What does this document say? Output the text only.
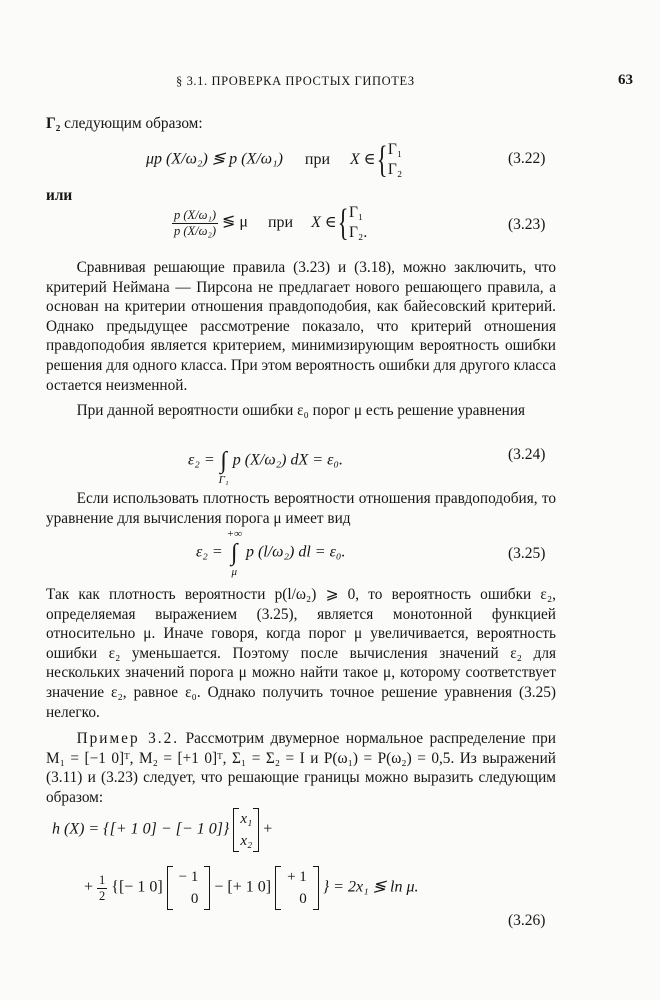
§ 3.1. ПРОВЕРКА ПРОСТЫХ ГИПОТЕЗ	63
Γ₂ следующим образом:
μp (X/ω₂) ≶ p (X/ω₁) при X ∈{ Γ₁
Γ₂
(3.22)
или
$\frac{\text{p (X/ω₁)}}{\text{p (X/ω₂)}}$ ≶ μ при X ∈{ Γ₁
Γ₂.	(3.23)

Сравнивая решающие правила (3.23) и (3.18), можно заключить, что критерий Неймана — Пирсона не предлагает нового решающего правила, а основан на критерии отношения правдоподобия, как байесовский критерий. Однако предыдущее рассмотрение показало, что критерий отношения правдоподобия является критерием, минимизирующим вероятность ошибки решения для одного класса. При этом вероятность ошибки для другого класса остается неизменной.

При данной вероятности ошибки ε₀ порог μ есть решение уравнения

ε₂ = ∫
Γ₁
p (X/ω₂) dX = ε₀.	(3.24)

Если использовать плотность вероятности отношения правдоподобия, то уравнение для вычисления порога μ имеет вид

ε₂ =
+∞
∫
μ
p (l/ω₂) dl = ε₀.	(3.25)

Так как плотность вероятности p(l/ω₂) ⩾ 0, то вероятность ошибки ε₂, определяемая выражением (3.25), является монотонной функцией относительно μ. Иначе говоря, когда порог μ увеличивается, вероятность ошибки ε₂ уменьшается. Поэтому после вычисления значений ε₂ для нескольких значений порога μ можно найти такое μ, которому соответствует значение ε₂, равное ε₀. Однако получить точное решение уравнения (3.25) нелегко.

Пример 3.2. Рассмотрим двумерное нормальное распределение при M₁ = [−1 0]ᵀ, M₂ = [+1 0]ᵀ, Σ₁ = Σ₂ = I и P(ω₁) = P(ω₂) = 0,5. Из выражений (3.11) и (3.23) следует, что решающие границы можно выразить следующим образом:

h (X) = {[+ 1 0] − [− 1 0]}
x₁
x₂
+
+ $\frac{1}{2}$ {[− 1 0]
− 1
0
− [+ 1 0]
+ 1
0
} = 2x₁ ≶ ln μ.
(3.26)
